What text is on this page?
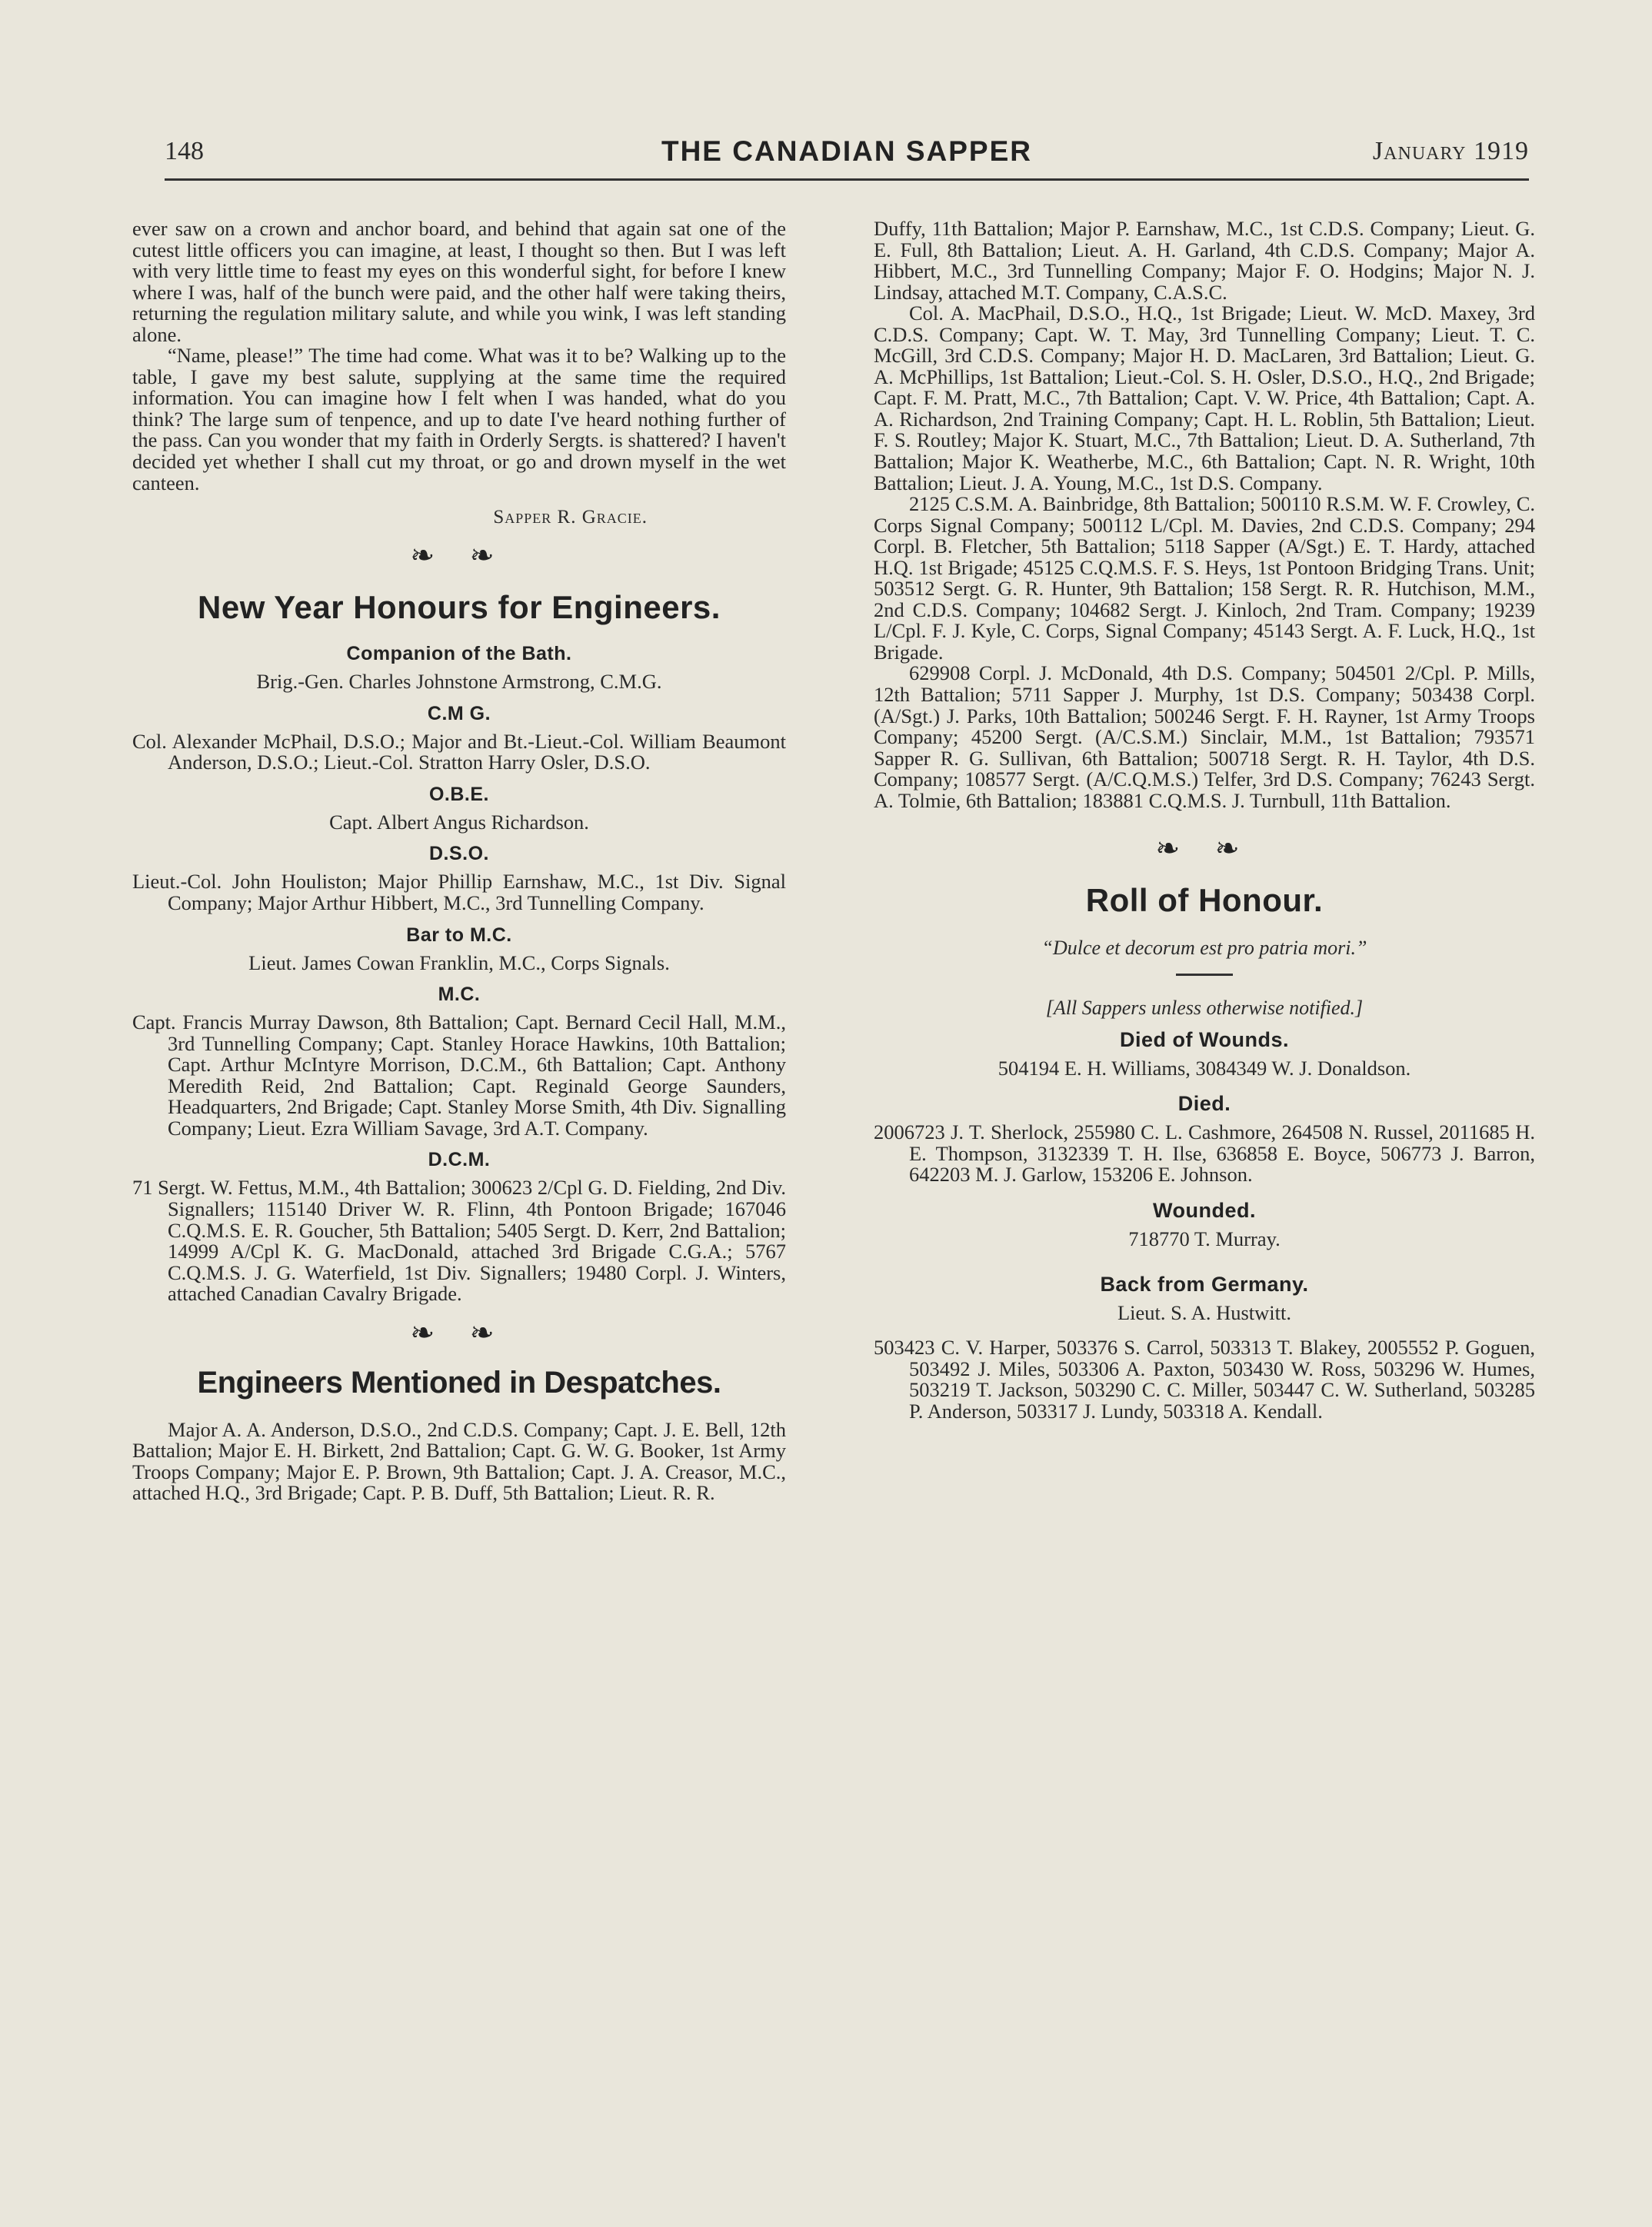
148	THE CANADIAN SAPPER	January 1919

ever saw on a crown and anchor board, and behind that again sat one of the cutest little officers you can imagine, at least, I thought so then. But I was left with very little time to feast my eyes on this wonderful sight, for before I knew where I was, half of the bunch were paid, and the other half were taking theirs, returning the regulation military salute, and while you wink, I was left standing alone.

“Name, please!” The time had come. What was it to be? Walking up to the table, I gave my best salute, supplying at the same time the required information. You can imagine how I felt when I was handed, what do you think? The large sum of tenpence, and up to date I've heard nothing further of the pass. Can you wonder that my faith in Orderly Sergts. is shattered? I haven't decided yet whether I shall cut my throat, or go and drown myself in the wet canteen.

Sapper R. Gracie.
❧ ❧
New Year Honours for Engineers.
Companion of the Bath.

Brig.-Gen. Charles Johnstone Armstrong, C.M.G.

C.M G.

Col. Alexander McPhail, D.S.O.; Major and Bt.-Lieut.-Col. William Beaumont Anderson, D.S.O.; Lieut.-Col. Stratton Harry Osler, D.S.O.

O.B.E.

Capt. Albert Angus Richardson.

D.S.O.

Lieut.-Col. John Houliston; Major Phillip Earnshaw, M.C., 1st Div. Signal Company; Major Arthur Hibbert, M.C., 3rd Tunnelling Company.

Bar to M.C.

Lieut. James Cowan Franklin, M.C., Corps Signals.

M.C.

Capt. Francis Murray Dawson, 8th Battalion; Capt. Bernard Cecil Hall, M.M., 3rd Tunnelling Company; Capt. Stanley Horace Hawkins, 10th Battalion; Capt. Arthur McIntyre Morrison, D.C.M., 6th Battalion; Capt. Anthony Meredith Reid, 2nd Battalion; Capt. Reginald George Saunders, Headquarters, 2nd Brigade; Capt. Stanley Morse Smith, 4th Div. Signalling Company; Lieut. Ezra William Savage, 3rd A.T. Company.

D.C.M.

71 Sergt. W. Fettus, M.M., 4th Battalion; 300623 2/Cpl G. D. Fielding, 2nd Div. Signallers; 115140 Driver W. R. Flinn, 4th Pontoon Brigade; 167046 C.Q.M.S. E. R. Goucher, 5th Battalion; 5405 Sergt. D. Kerr, 2nd Battalion; 14999 A/Cpl K. G. MacDonald, attached 3rd Brigade C.G.A.; 5767 C.Q.M.S. J. G. Waterfield, 1st Div. Signallers; 19480 Corpl. J. Winters, attached Canadian Cavalry Brigade.

❧ ❧
Engineers Mentioned in Despatches.

Major A. A. Anderson, D.S.O., 2nd C.D.S. Company; Capt. J. E. Bell, 12th Battalion; Major E. H. Birkett, 2nd Battalion; Capt. G. W. G. Booker, 1st Army Troops Company; Major E. P. Brown, 9th Battalion; Capt. J. A. Creasor, M.C., attached H.Q., 3rd Brigade; Capt. P. B. Duff, 5th Battalion; Lieut. R. R.

Duffy, 11th Battalion; Major P. Earnshaw, M.C., 1st C.D.S. Company; Lieut. G. E. Full, 8th Battalion; Lieut. A. H. Garland, 4th C.D.S. Company; Major A. Hibbert, M.C., 3rd Tunnelling Company; Major F. O. Hodgins; Major N. J. Lindsay, attached M.T. Company, C.A.S.C.

Col. A. MacPhail, D.S.O., H.Q., 1st Brigade; Lieut. W. McD. Maxey, 3rd C.D.S. Company; Capt. W. T. May, 3rd Tunnelling Company; Lieut. T. C. McGill, 3rd C.D.S. Company; Major H. D. MacLaren, 3rd Battalion; Lieut. G. A. McPhillips, 1st Battalion; Lieut.-Col. S. H. Osler, D.S.O., H.Q., 2nd Brigade; Capt. F. M. Pratt, M.C., 7th Battalion; Capt. V. W. Price, 4th Battalion; Capt. A. A. Richardson, 2nd Training Company; Capt. H. L. Roblin, 5th Battalion; Lieut. F. S. Routley; Major K. Stuart, M.C., 7th Battalion; Lieut. D. A. Sutherland, 7th Battalion; Major K. Weatherbe, M.C., 6th Battalion; Capt. N. R. Wright, 10th Battalion; Lieut. J. A. Young, M.C., 1st D.S. Company.

2125 C.S.M. A. Bainbridge, 8th Battalion; 500110 R.S.M. W. F. Crowley, C. Corps Signal Company; 500112 L/Cpl. M. Davies, 2nd C.D.S. Company; 294 Corpl. B. Fletcher, 5th Battalion; 5118 Sapper (A/Sgt.) E. T. Hardy, attached H.Q. 1st Brigade; 45125 C.Q.M.S. F. S. Heys, 1st Pontoon Bridging Trans. Unit; 503512 Sergt. G. R. Hunter, 9th Battalion; 158 Sergt. R. R. Hutchison, M.M., 2nd C.D.S. Company; 104682 Sergt. J. Kinloch, 2nd Tram. Company; 19239 L/Cpl. F. J. Kyle, C. Corps, Signal Company; 45143 Sergt. A. F. Luck, H.Q., 1st Brigade.

629908 Corpl. J. McDonald, 4th D.S. Company; 504501 2/Cpl. P. Mills, 12th Battalion; 5711 Sapper J. Murphy, 1st D.S. Company; 503438 Corpl. (A/Sgt.) J. Parks, 10th Battalion; 500246 Sergt. F. H. Rayner, 1st Army Troops Company; 45200 Sergt. (A/C.S.M.) Sinclair, M.M., 1st Battalion; 793571 Sapper R. G. Sullivan, 6th Battalion; 500718 Sergt. R. H. Taylor, 4th D.S. Company; 108577 Sergt. (A/C.Q.M.S.) Telfer, 3rd D.S. Company; 76243 Sergt. A. Tolmie, 6th Battalion; 183881 C.Q.M.S. J. Turnbull, 11th Battalion.

❧ ❧
Roll of Honour.
“Dulce et decorum est pro patria mori.”
[All Sappers unless otherwise notified.]
Died of Wounds.

504194 E. H. Williams, 3084349 W. J. Donaldson.

Died.

2006723 J. T. Sherlock, 255980 C. L. Cashmore, 264508 N. Russel, 2011685 H. E. Thompson, 3132339 T. H. Ilse, 636858 E. Boyce, 506773 J. Barron, 642203 M. J. Garlow, 153206 E. Johnson.

Wounded.

718770 T. Murray.

Back from Germany.

Lieut. S. A. Hustwitt.

503423 C. V. Harper, 503376 S. Carrol, 503313 T. Blakey, 2005552 P. Goguen, 503492 J. Miles, 503306 A. Paxton, 503430 W. Ross, 503296 W. Humes, 503219 T. Jackson, 503290 C. C. Miller, 503447 C. W. Sutherland, 503285 P. Anderson, 503317 J. Lundy, 503318 A. Kendall.
